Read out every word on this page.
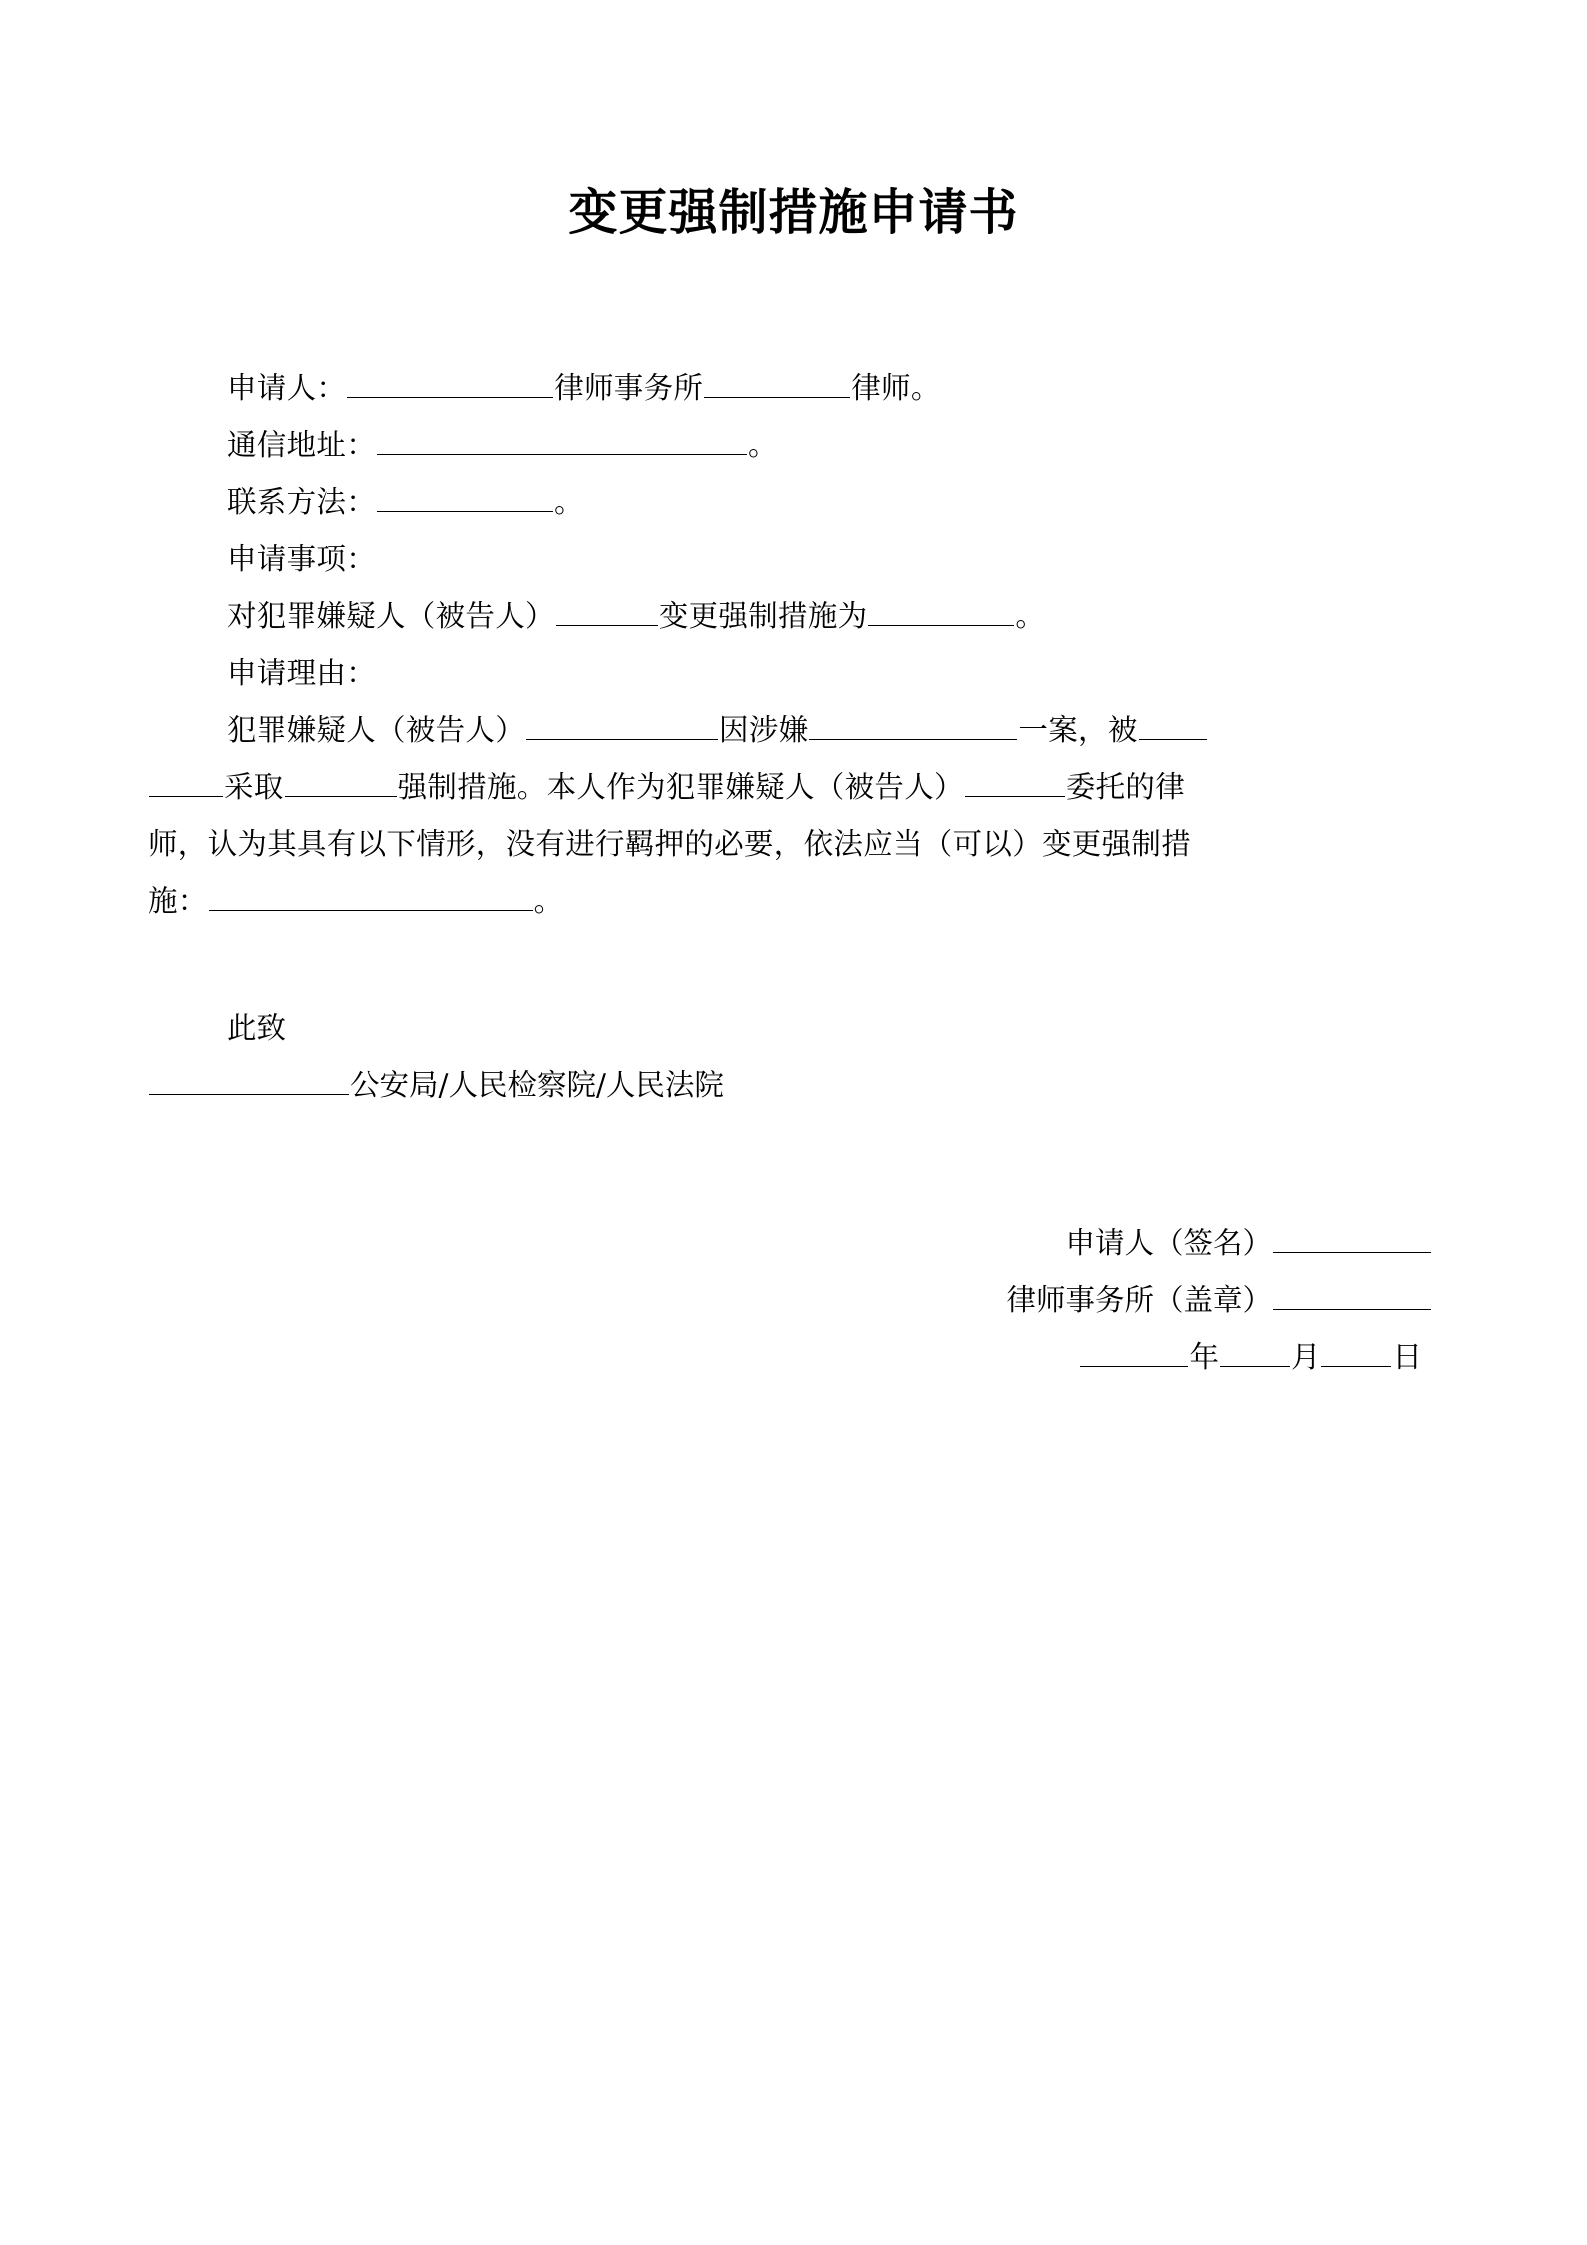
变更强制措施申请书
申请人：	律师事务所	律师。
通信地址：	。
联系方法：	。
申请事项：
对犯罪嫌疑人（被告人）	变更强制措施为	。
申请理由：
犯罪嫌疑人（被告人）	因涉嫌	一案，被
采取	强制措施。本人作为犯罪嫌疑人（被告人）	委托的律
师，认为其具有以下情形，没有进行羁押的必要，依法应当（可以）变更强制措
施：	。
此致
公安局/人民检察院/人民法院
申请人（签名）
律师事务所（盖章）
年 月 日
